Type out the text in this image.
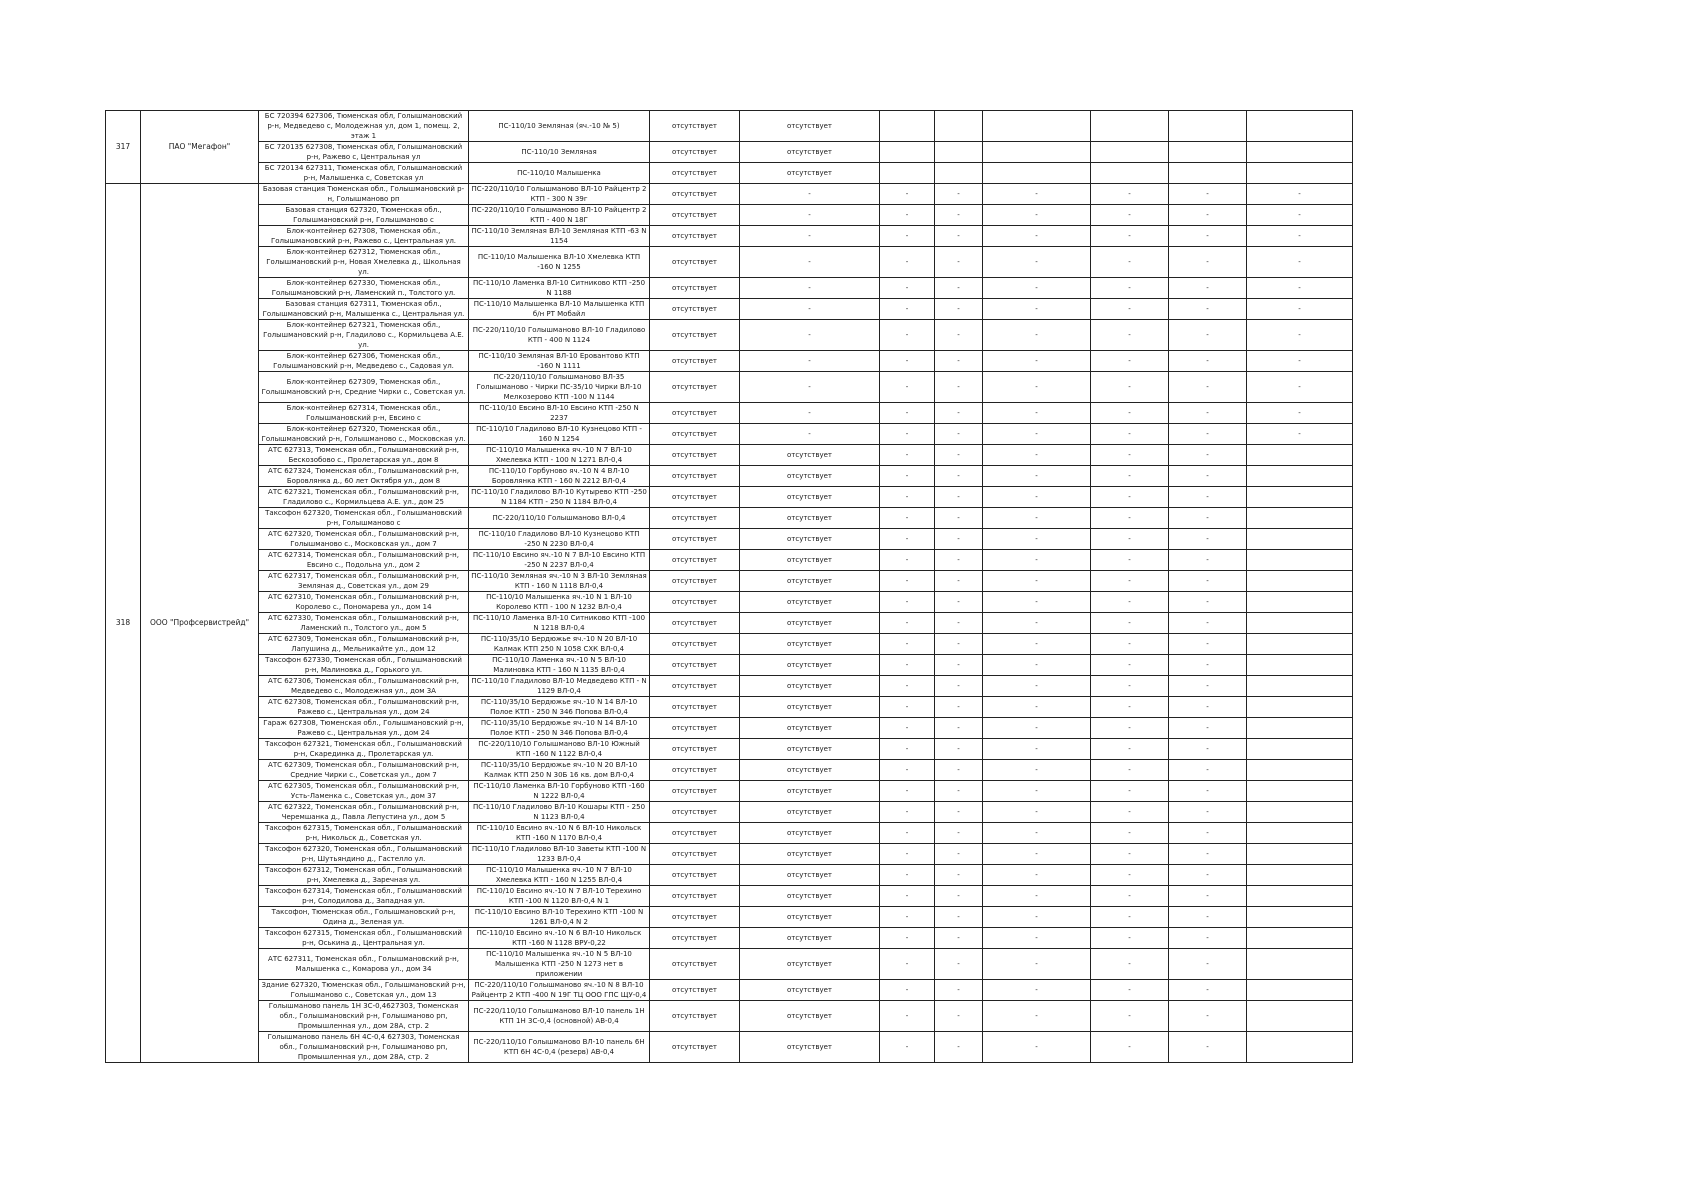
317	ПАО "Мегафон"	БС 720394 627306, Тюменская обл, Голышмановский р-н, Медведево с, Молодежная ул, дом 1, помещ. 2, этаж 1	ПС-110/10 Земляная (яч.-10 № 5)	отсутствует	отсутствует						
		БС 720135 627308, Тюменская обл, Голышмановский р-н, Ражево с, Центральная ул	ПС-110/10 Земляная	отсутствует	отсутствует						
		БС 720134 627311, Тюменская обл, Голышмановский р-н, Малышенка с, Советская ул	ПС-110/10 Малышенка	отсутствует	отсутствует						
318	ООО "Профсервистрейд"	Базовая станция Тюменская обл., Голышмановский р-н, Голышманово рп	ПС-220/110/10 Голышманово ВЛ-10 Райцентр 2 КТП - 300 N 39г	отсутствует	-	-	-	-	-	-	-
		Базовая станция 627320, Тюменская обл., Голышмановский р-н, Голышманово с	ПС-220/110/10 Голышманово ВЛ-10 Райцентр 2 КТП - 400 N 18Г	отсутствует	-	-	-	-	-	-	-
		Блок-контейнер 627308, Тюменская обл., Голышмановский р-н, Ражево с., Центральная ул.	ПС-110/10 Земляная ВЛ-10 Земляная КТП -63 N 1154	отсутствует	-	-	-	-	-	-	-
		Блок-контейнер 627312, Тюменская обл., Голышмановский р-н, Новая Хмелевка д., Школьная ул.	ПС-110/10 Малышенка ВЛ-10 Хмелевка КТП -160 N 1255	отсутствует	-	-	-	-	-	-	-
		Блок-контейнер 627330, Тюменская обл., Голышмановский р-н, Ламенский п., Толстого ул.	ПС-110/10 Ламенка ВЛ-10 Ситниково КТП -250 N 1188	отсутствует	-	-	-	-	-	-	-
		Базовая станция 627311, Тюменская обл., Голышмановский р-н, Малышенка с., Центральная ул.	ПС-110/10 Малышенка ВЛ-10 Малышенка КТП б/н РТ Мобайл	отсутствует	-	-	-	-	-	-	-
		Блок-контейнер 627321, Тюменская обл., Голышмановский р-н, Гладилово с., Кормильцева А.Е. ул.	ПС-220/110/10 Голышманово ВЛ-10 Гладилово КТП - 400 N 1124	отсутствует	-	-	-	-	-	-	-
		Блок-контейнер 627306, Тюменская обл., Голышмановский р-н, Медведево с., Садовая ул.	ПС-110/10 Земляная ВЛ-10 Еровантово КТП -160 N 1111	отсутствует	-	-	-	-	-	-	-
		Блок-контейнер 627309, Тюменская обл., Голышмановский р-н, Средние Чирки с., Советская ул.	ПС-220/110/10 Голышманово ВЛ-35 Голышманово - Чирки ПС-35/10 Чирки ВЛ-10 Мелкозерово КТП -100 N 1144	отсутствует	-	-	-	-	-	-	-
		Блок-контейнер 627314, Тюменская обл., Голышмановский р-н, Евсино с	ПС-110/10 Евсино ВЛ-10 Евсино КТП -250 N 2237	отсутствует	-	-	-	-	-	-	-
		Блок-контейнер 627320, Тюменская обл., Голышмановский р-н, Голышманово с., Московская ул.	ПС-110/10 Гладилово ВЛ-10 Кузнецово КТП - 160 N 1254	отсутствует	-	-	-	-	-	-	-
		АТС 627313, Тюменская обл., Голышмановский р-н, Бескозобово с., Пролетарская ул., дом 8	ПС-110/10 Малышенка яч.-10 N 7 ВЛ-10 Хмелевка КТП - 100 N 1271 ВЛ-0,4	отсутствует	отсутствует	-	-	-	-	-	
		АТС 627324, Тюменская обл., Голышмановский р-н, Боровлянка д., 60 лет Октября ул., дом 8	ПС-110/10 Горбуново яч.-10 N 4 ВЛ-10 Боровлянка КТП - 160 N 2212 ВЛ-0,4	отсутствует	отсутствует	-	-	-	-	-	
		АТС 627321, Тюменская обл., Голышмановский р-н, Гладилово с., Кормильцева А.Е. ул., дом 25	ПС-110/10 Гладилово ВЛ-10 Кутырево КТП -250 N 1184 КТП - 250 N 1184 ВЛ-0,4	отсутствует	отсутствует	-	-	-	-	-	
		Таксофон 627320, Тюменская обл., Голышмановский р-н, Голышманово с	ПС-220/110/10 Голышманово ВЛ-0,4	отсутствует	отсутствует	-	-	-	-	-	
		АТС 627320, Тюменская обл., Голышмановский р-н, Голышманово с., Московская ул., дом 7	ПС-110/10 Гладилово ВЛ-10 Кузнецово КТП -250 N 2230 ВЛ-0,4	отсутствует	отсутствует	-	-	-	-	-	
		АТС 627314, Тюменская обл., Голышмановский р-н, Евсино с., Подольна ул., дом 2	ПС-110/10 Евсино яч.-10 N 7 ВЛ-10 Евсино КТП -250 N 2237 ВЛ-0,4	отсутствует	отсутствует	-	-	-	-	-	
		АТС 627317, Тюменская обл., Голышмановский р-н, Земляная д., Советская ул., дом 29	ПС-110/10 Земляная яч.-10 N 3 ВЛ-10 Земляная КТП - 160 N 1118 ВЛ-0,4	отсутствует	отсутствует	-	-	-	-	-	
		АТС 627310, Тюменская обл., Голышмановский р-н, Королево с., Пономарева ул., дом 14	ПС-110/10 Малышенка яч.-10 N 1 ВЛ-10 Королево КТП - 100 N 1232 ВЛ-0,4	отсутствует	отсутствует	-	-	-	-	-	
		АТС 627330, Тюменская обл., Голышмановский р-н, Ламенский п., Толстого ул., дом 5	ПС-110/10 Ламенка ВЛ-10 Ситниково КТП -100 N 1218 ВЛ-0,4	отсутствует	отсутствует	-	-	-	-	-	
		АТС 627309, Тюменская обл., Голышмановский р-н, Лапушина д., Мельникайте ул., дом 12	ПС-110/35/10 Бердюжье яч.-10 N 20 ВЛ-10 Калмак КТП 250 N 1058 СХК ВЛ-0,4	отсутствует	отсутствует	-	-	-	-	-	
		Таксофон 627330, Тюменская обл., Голышмановский р-н, Малиновка д., Горького ул.	ПС-110/10 Ламенка яч.-10 N 5 ВЛ-10 Малиновка КТП - 160 N 1135 ВЛ-0,4	отсутствует	отсутствует	-	-	-	-	-	
		АТС 627306, Тюменская обл., Голышмановский р-н, Медведево с., Молодежная ул., дом 3А	ПС-110/10 Гладилово ВЛ-10 Медведево КТП - N 1129 ВЛ-0,4	отсутствует	отсутствует	-	-	-	-	-	
		АТС 627308, Тюменская обл., Голышмановский р-н, Ражево с., Центральная ул., дом 24	ПС-110/35/10 Бердюжье яч.-10 N 14 ВЛ-10 Полое КТП - 250 N 346 Попова ВЛ-0,4	отсутствует	отсутствует	-	-	-	-	-	
		Гараж 627308, Тюменская обл., Голышмановский р-н, Ражево с., Центральная ул., дом 24	ПС-110/35/10 Бердюжье яч.-10 N 14 ВЛ-10 Полое КТП - 250 N 346 Попова ВЛ-0,4	отсутствует	отсутствует	-	-	-	-	-	
		Таксофон 627321, Тюменская обл., Голышмановский р-н, Скарединка д., Пролетарская ул.	ПС-220/110/10 Голышманово ВЛ-10 Южный КТП -160 N 1122 ВЛ-0,4	отсутствует	отсутствует	-	-	-	-	-	
		АТС 627309, Тюменская обл., Голышмановский р-н, Средние Чирки с., Советская ул., дом 7	ПС-110/35/10 Бердюжье яч.-10 N 20 ВЛ-10 Калмак КТП 250 N 30Б 16 кв. дом ВЛ-0,4	отсутствует	отсутствует	-	-	-	-	-	
		АТС 627305, Тюменская обл., Голышмановский р-н, Усть-Ламенка с., Советская ул., дом 37	ПС-110/10 Ламенка ВЛ-10 Горбуново КТП -160 N 1222 ВЛ-0,4	отсутствует	отсутствует	-	-	-	-	-	
		АТС 627322, Тюменская обл., Голышмановский р-н, Черемшанка д., Павла Лепустина ул., дом 5	ПС-110/10 Гладилово ВЛ-10 Кошары КТП - 250 N 1123 ВЛ-0,4	отсутствует	отсутствует	-	-	-	-	-	
		Таксофон 627315, Тюменская обл., Голышмановский р-н, Никольск д., Советская ул.	ПС-110/10 Евсино яч.-10 N 6 ВЛ-10 Никольск КТП -160 N 1170 ВЛ-0,4	отсутствует	отсутствует	-	-	-	-	-	
		Таксофон 627320, Тюменская обл., Голышмановский р-н, Шутьяндино д., Гастелло ул.	ПС-110/10 Гладилово ВЛ-10 Заветы КТП -100 N 1233 ВЛ-0,4	отсутствует	отсутствует	-	-	-	-	-	
		Таксофон 627312, Тюменская обл., Голышмановский р-н, Хмелевка д., Заречная ул.	ПС-110/10 Малышенка яч.-10 N 7 ВЛ-10 Хмелевка КТП - 160 N 1255 ВЛ-0,4	отсутствует	отсутствует	-	-	-	-	-	
		Таксофон 627314, Тюменская обл., Голышмановский р-н, Солодилова д., Западная ул.	ПС-110/10 Евсино яч.-10 N 7 ВЛ-10 Терехино КТП -100 N 1120 ВЛ-0,4 N 1	отсутствует	отсутствует	-	-	-	-	-	
		Таксофон, Тюменская обл., Голышмановский р-н, Одина д., Зеленая ул.	ПС-110/10 Евсино ВЛ-10 Терехино КТП -100 N 1261 ВЛ-0,4 N 2	отсутствует	отсутствует	-	-	-	-	-	
		Таксофон 627315, Тюменская обл., Голышмановский р-н, Оськина д., Центральная ул.	ПС-110/10 Евсино яч.-10 N 6 ВЛ-10 Никольск КТП -160 N 1128 ВРУ-0,22	отсутствует	отсутствует	-	-	-	-	-	
		АТС 627311, Тюменская обл., Голышмановский р-н, Малышенка с., Комарова ул., дом 34	ПС-110/10 Малышенка яч.-10 N 5 ВЛ-10 Малышенка КТП -250 N 1273 нет в приложении	отсутствует	отсутствует	-	-	-	-	-	
		Здание 627320, Тюменская обл., Голышмановский р-н, Голышманово с., Советская ул., дом 13	ПС-220/110/10 Голышманово яч.-10 N 8 ВЛ-10 Райцентр 2 КТП -400 N 19Г ТЦ ООО ГПС ЩУ-0,4	отсутствует	отсутствует	-	-	-	-	-	
		Голышманово панель 1Н 3С-0,4627303, Тюменская обл., Голышмановский р-н, Голышманово рп, Промышленная ул., дом 28А, стр. 2	ПС-220/110/10 Голышманово ВЛ-10 панель 1Н КТП 1Н 3С-0,4 (основной) АВ-0,4	отсутствует	отсутствует	-	-	-	-	-	
		Голышманово панель 6Н 4С-0,4 627303, Тюменская обл., Голышмановский р-н, Голышманово рп, Промышленная ул., дом 28А, стр. 2	ПС-220/110/10 Голышманово ВЛ-10 панель 6Н КТП 6Н 4С-0,4 (резерв) АВ-0,4	отсутствует	отсутствует	-	-	-	-	-	
